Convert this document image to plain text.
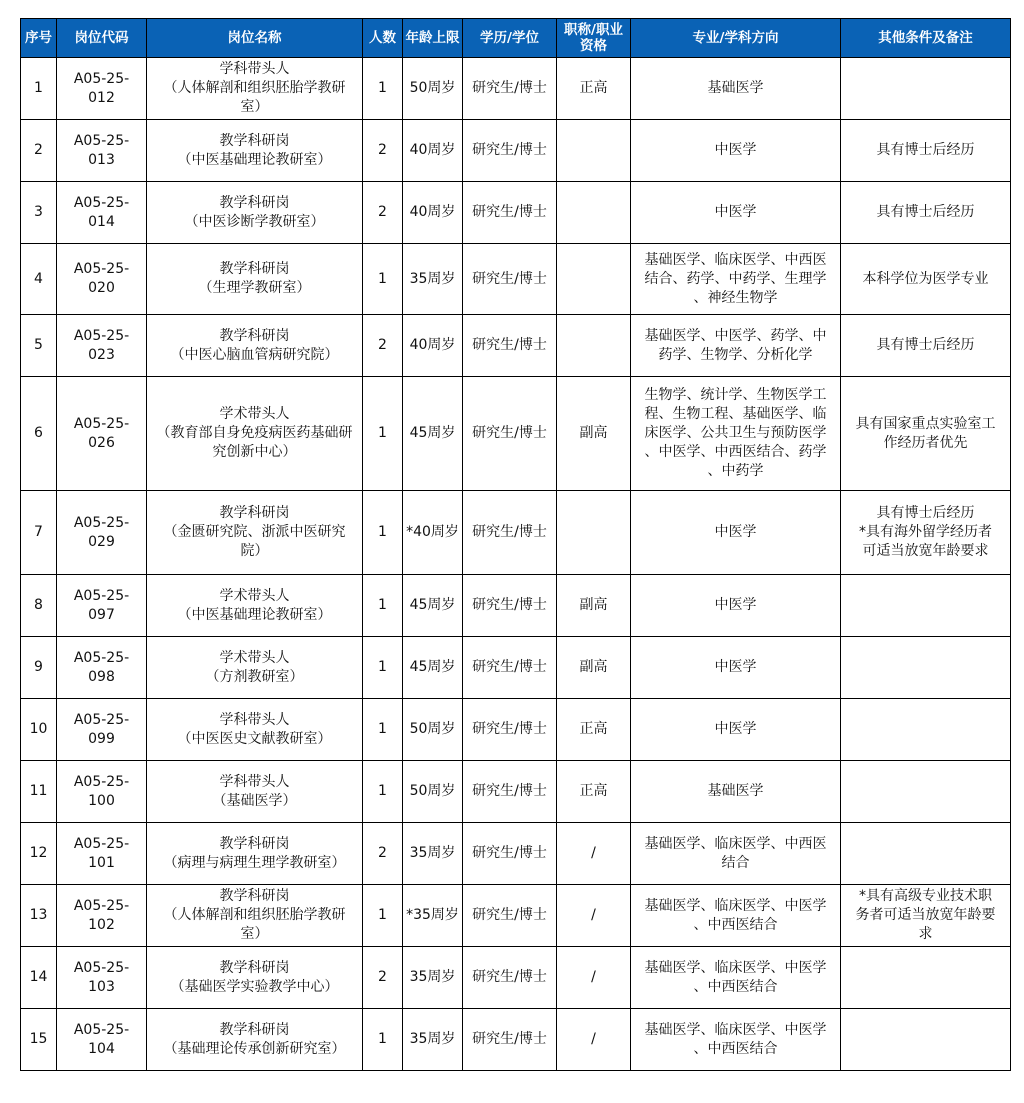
序号	岗位代码	岗位名称	人数	年龄上限	学历/学位	职称/职业资格	专业/学科方向	其他条件及备注
1	A05-25-
012	学科带头人
（人体解剖和组织胚胎学教研
室）	1	50周岁	研究生/博士	正高	基础医学	
2	A05-25-
013	教学科研岗
（中医基础理论教研室）	2	40周岁	研究生/博士		中医学	具有博士后经历
3	A05-25-
014	教学科研岗
（中医诊断学教研室）	2	40周岁	研究生/博士		中医学	具有博士后经历
4	A05-25-
020	教学科研岗
（生理学教研室）	1	35周岁	研究生/博士		基础医学、临床医学、中西医
结合、药学、中药学、生理学
、神经生物学	本科学位为医学专业
5	A05-25-
023	教学科研岗
（中医心脑血管病研究院）	2	40周岁	研究生/博士		基础医学、中医学、药学、中
药学、生物学、分析化学	具有博士后经历
6	A05-25-
026	学术带头人
（教育部自身免疫病医药基础研
究创新中心）	1	45周岁	研究生/博士	副高	生物学、统计学、生物医学工
程、生物工程、基础医学、临
床医学、公共卫生与预防医学
、中医学、中西医结合、药学
、中药学	具有国家重点实验室工
作经历者优先
7	A05-25-
029	教学科研岗
（金匮研究院、浙派中医研究
院）	1	*40周岁	研究生/博士		中医学	具有博士后经历
*具有海外留学经历者
可适当放宽年龄要求
8	A05-25-
097	学术带头人
（中医基础理论教研室）	1	45周岁	研究生/博士	副高	中医学	
9	A05-25-
098	学术带头人
（方剂教研室）	1	45周岁	研究生/博士	副高	中医学	
10	A05-25-
099	学科带头人
（中医医史文献教研室）	1	50周岁	研究生/博士	正高	中医学	
11	A05-25-
100	学科带头人
（基础医学）	1	50周岁	研究生/博士	正高	基础医学	
12	A05-25-
101	教学科研岗
（病理与病理生理学教研室）	2	35周岁	研究生/博士	/	基础医学、临床医学、中西医
结合	
13	A05-25-
102	教学科研岗
（人体解剖和组织胚胎学教研
室）	1	*35周岁	研究生/博士	/	基础医学、临床医学、中医学
、中西医结合	*具有高级专业技术职
务者可适当放宽年龄要
求
14	A05-25-
103	教学科研岗
（基础医学实验教学中心）	2	35周岁	研究生/博士	/	基础医学、临床医学、中医学
、中西医结合	
15	A05-25-
104	教学科研岗
（基础理论传承创新研究室）	1	35周岁	研究生/博士	/	基础医学、临床医学、中医学
、中西医结合	
